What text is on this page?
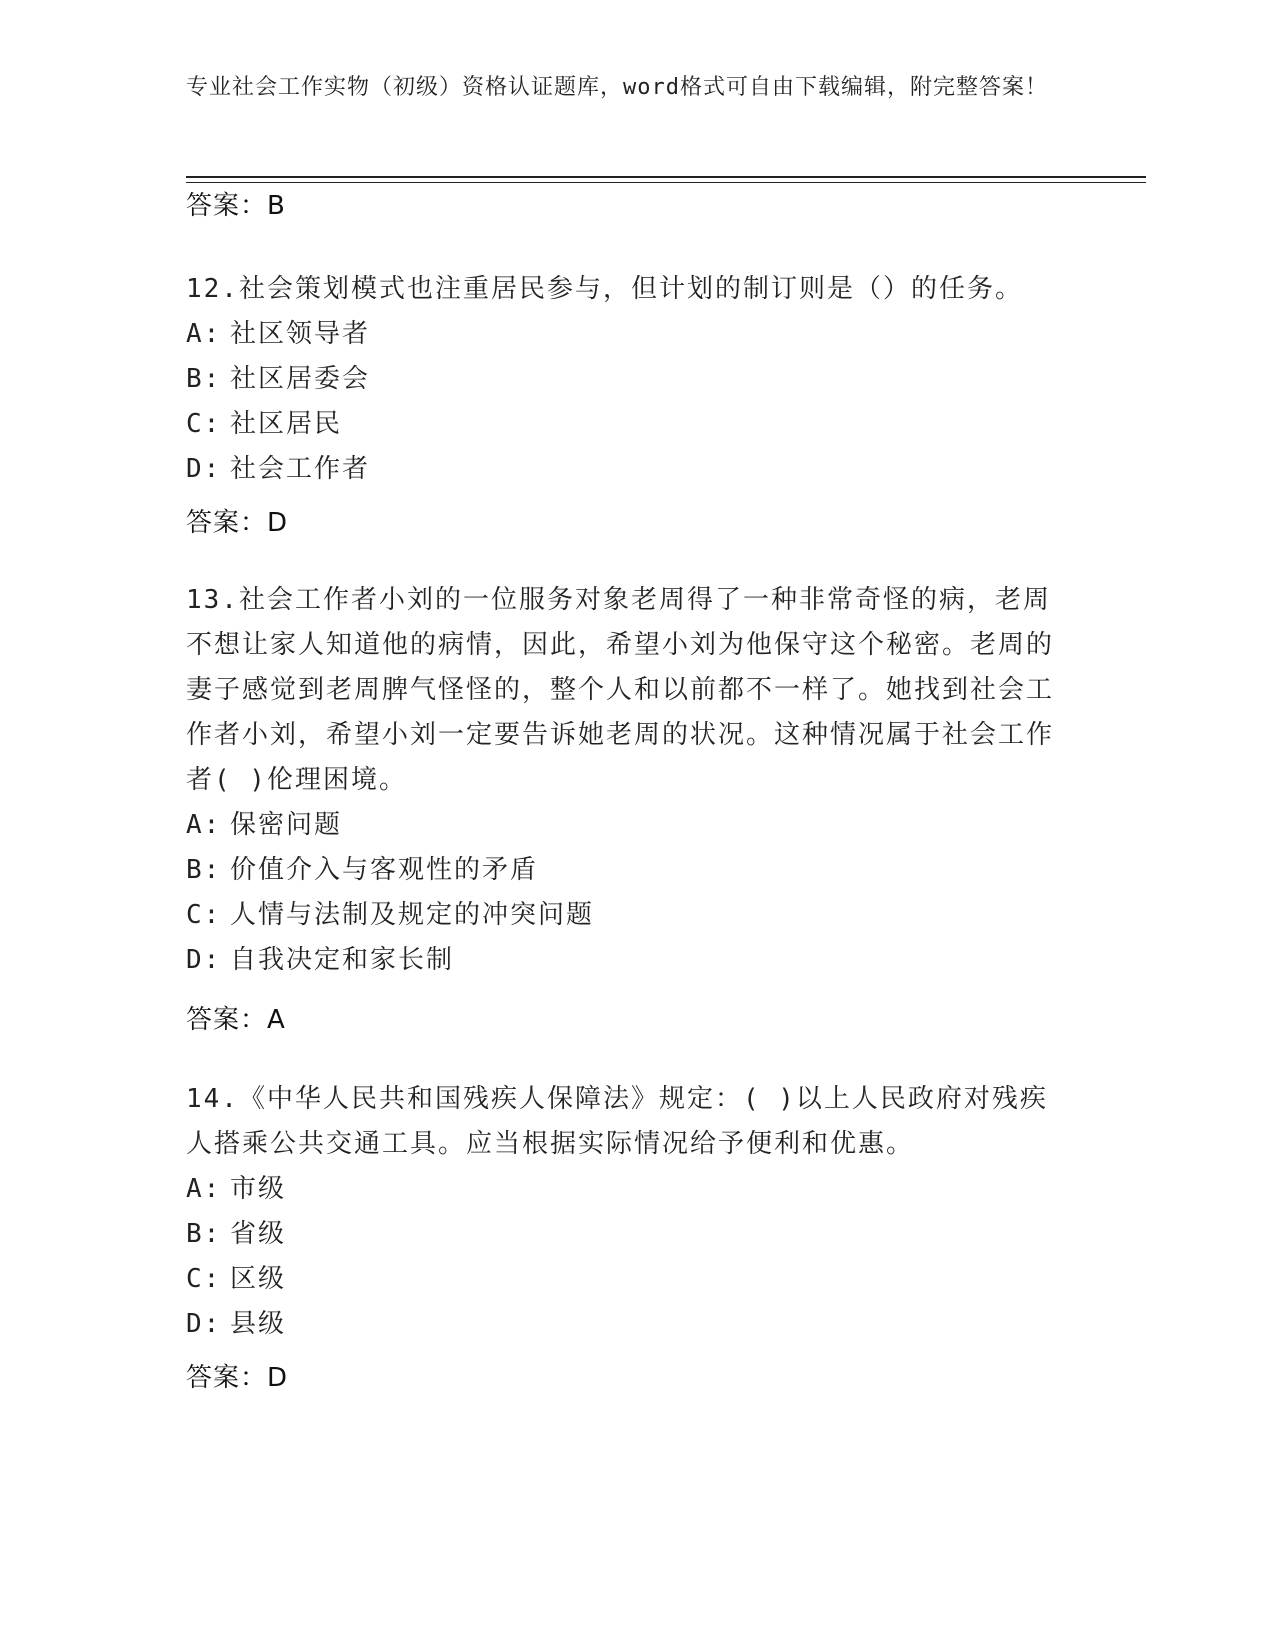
专业社会工作实物（初级）资格认证题库，word格式可自由下载编辑，附完整答案！
答案：B

12.社会策划模式也注重居民参与，但计划的制订则是（）的任务。

A: 社区领导者

B: 社区居委会

C: 社区居民

D: 社会工作者

答案：D

13.社会工作者小刘的一位服务对象老周得了一种非常奇怪的病，老周不想让家人知道他的病情，因此，希望小刘为他保守这个秘密。老周的妻子感觉到老周脾气怪怪的，整个人和以前都不一样了。她找到社会工作者小刘，希望小刘一定要告诉她老周的状况。这种情况属于社会工作者( )伦理困境。

A: 保密问题

B: 价值介入与客观性的矛盾

C: 人情与法制及规定的冲突问题

D: 自我决定和家长制

答案：A

14.《中华人民共和国残疾人保障法》规定：( )以上人民政府对残疾人搭乘公共交通工具。应当根据实际情况给予便利和优惠。

A: 市级

B: 省级

C: 区级

D: 县级

答案：D
